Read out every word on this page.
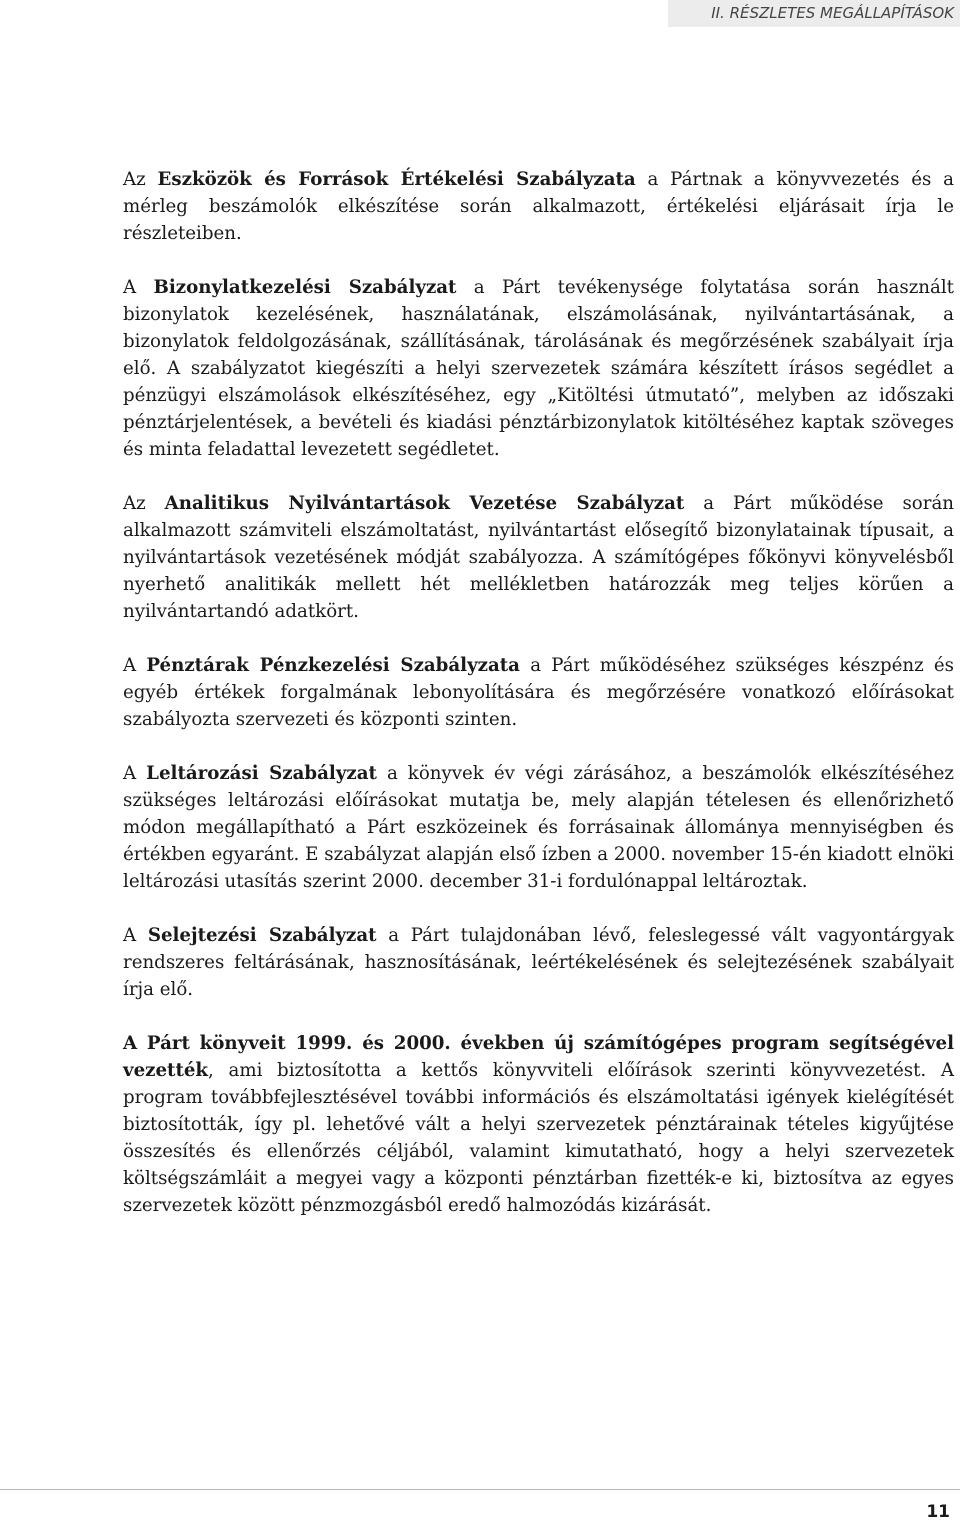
II. RÉSZLETES MEGÁLLAPÍTÁSOK

Az Eszközök és Források Értékelési Szabályzata a Pártnak a könyvvezetés és a mérleg beszámolók elkészítése során alkalmazott, értékelési eljárásait írja le részleteiben.

A Bizonylatkezelési Szabályzat a Párt tevékenysége folytatása során használt bizonylatok kezelésének, használatának, elszámolásának, nyilvántartásának, a bizonylatok feldolgozásának, szállításának, tárolásának és megőrzésének szabályait írja elő. A szabályzatot kiegészíti a helyi szervezetek számára készített írásos segédlet a pénzügyi elszámolások elkészítéséhez, egy „Kitöltési útmutató”, melyben az időszaki pénztárjelentések, a bevételi és kiadási pénztárbizonylatok kitöltéséhez kaptak szöveges és minta feladattal levezetett segédletet.

Az Analitikus Nyilvántartások Vezetése Szabályzat a Párt működése során alkalmazott számviteli elszámoltatást, nyilvántartást elősegítő bizonylatainak típusait, a nyilvántartások vezetésének módját szabályozza. A számítógépes főkönyvi könyvelésből nyerhető analitikák mellett hét mellékletben határozzák meg teljes körűen a nyilvántartandó adatkört.

A Pénztárak Pénzkezelési Szabályzata a Párt működéséhez szükséges készpénz és egyéb értékek forgalmának lebonyolítására és megőrzésére vonatkozó előírásokat szabályozta szervezeti és központi szinten.

A Leltározási Szabályzat a könyvek év végi zárásához, a beszámolók elkészítéséhez szükséges leltározási előírásokat mutatja be, mely alapján tételesen és ellenőrizhető módon megállapítható a Párt eszközeinek és forrásainak állománya mennyiségben és értékben egyaránt. E szabályzat alapján első ízben a 2000. november 15-én kiadott elnöki leltározási utasítás szerint 2000. december 31-i fordulónappal leltároztak.

A Selejtezési Szabályzat a Párt tulajdonában lévő, feleslegessé vált vagyontárgyak rendszeres feltárásának, hasznosításának, leértékelésének és selejtezésének szabályait írja elő.

A Párt könyveit 1999. és 2000. években új számítógépes program segítségével vezették, ami biztosította a kettős könyvviteli előírások szerinti könyvvezetést. A program továbbfejlesztésével további információs és elszámoltatási igények kielégítését biztosították, így pl. lehetővé vált a helyi szervezetek pénztárainak tételes kigyűjtése összesítés és ellenőrzés céljából, valamint kimutatható, hogy a helyi szervezetek költségszámláit a megyei vagy a központi pénztárban fizették-e ki, biztosítva az egyes szervezetek között pénzmozgásból eredő halmozódás kizárását.

11
